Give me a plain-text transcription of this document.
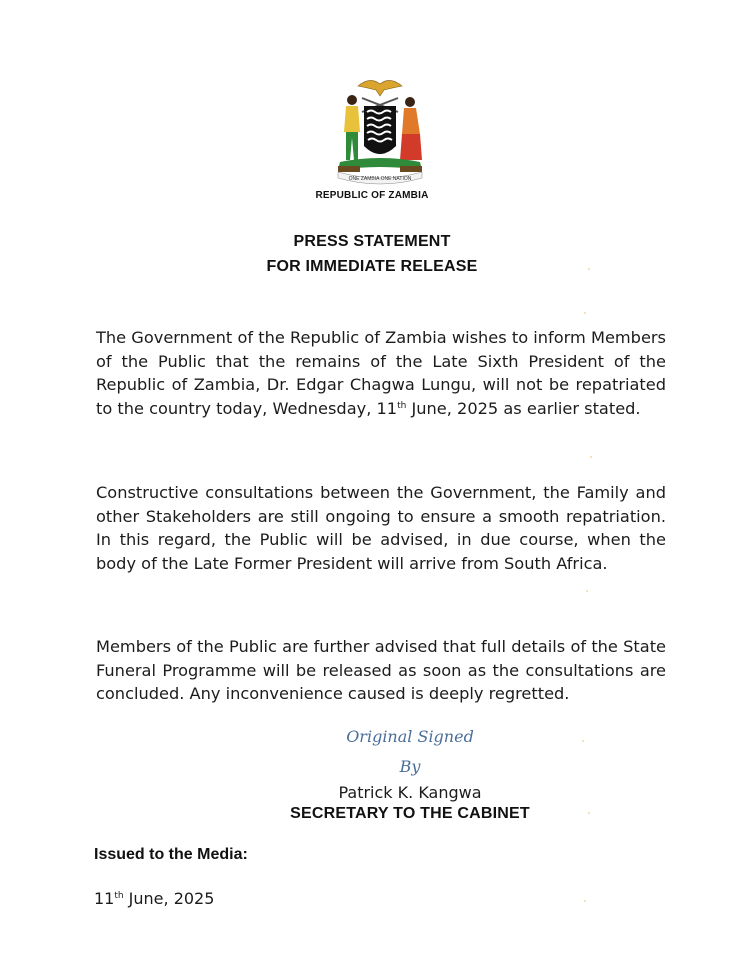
ONE ZAMBIA ONE NATION
REPUBLIC OF ZAMBIA
PRESS STATEMENT
FOR IMMEDIATE RELEASE

The Government of the Republic of Zambia wishes to inform Members of the Public that the remains of the Late Sixth President of the Republic of Zambia, Dr. Edgar Chagwa Lungu, will not be repatriated to the country today, Wednesday, 11th June, 2025 as earlier stated.

Constructive consultations between the Government, the Family and other Stakeholders are still ongoing to ensure a smooth repatriation. In this regard, the Public will be advised, in due course, when the body of the Late Former President will arrive from South Africa.

Members of the Public are further advised that full details of the State Funeral Programme will be released as soon as the consultations are concluded. Any inconvenience caused is deeply regretted.

Original Signed
By
Patrick K. Kangwa
SECRETARY TO THE CABINET
Issued to the Media:
11th June, 2025
